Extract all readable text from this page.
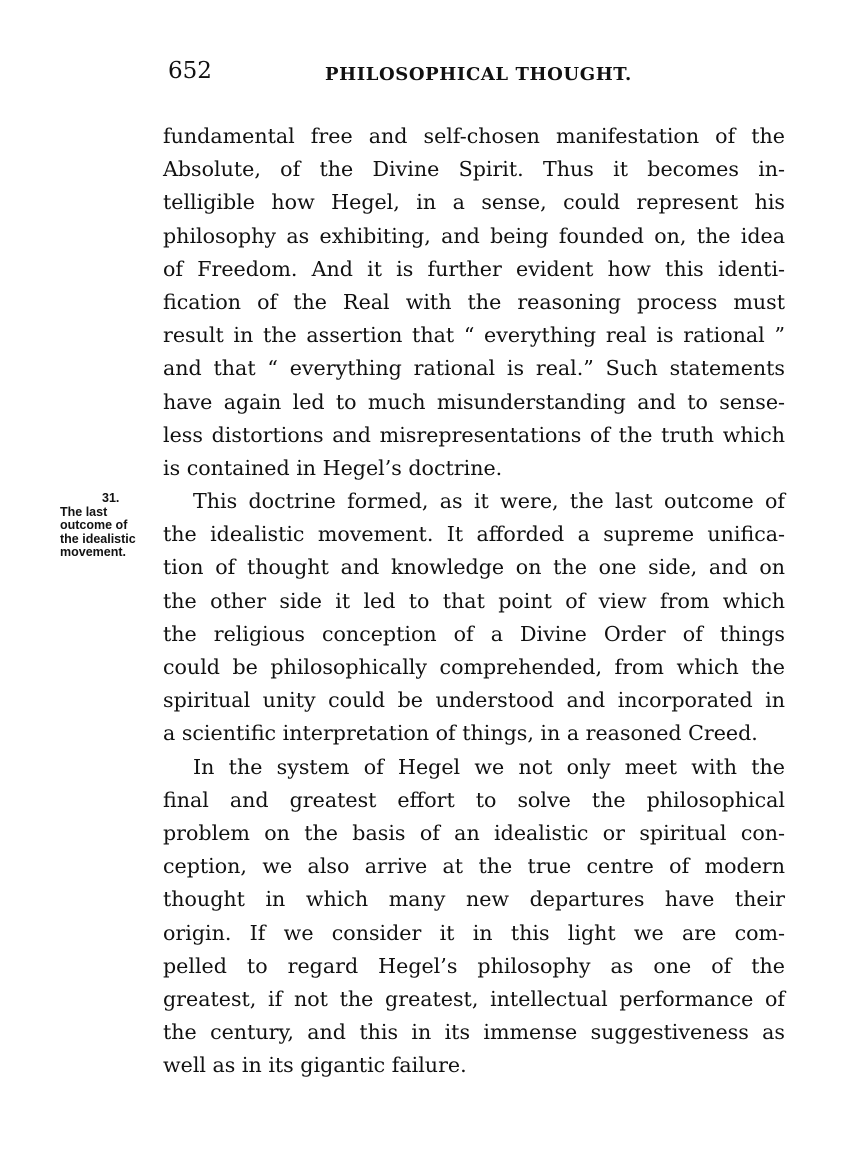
652	PHILOSOPHICAL THOUGHT.
31.
The last
outcome of
the idealistic
movement.
fundamental free and self-chosen manifestation of the
Absolute, of the Divine Spirit. Thus it becomes in-
telligible how Hegel, in a sense, could represent his
philosophy as exhibiting, and being founded on, the idea
of Freedom. And it is further evident how this identi-
fication of the Real with the reasoning process must
result in the assertion that “ everything real is rational ”
and that “ everything rational is real.” Such statements
have again led to much misunderstanding and to sense-
less distortions and misrepresentations of the truth which
is contained in Hegel’s doctrine.
This doctrine formed, as it were, the last outcome of
the idealistic movement. It afforded a supreme unifica-
tion of thought and knowledge on the one side, and on
the other side it led to that point of view from which
the religious conception of a Divine Order of things
could be philosophically comprehended, from which the
spiritual unity could be understood and incorporated in
a scientific interpretation of things, in a reasoned Creed.
In the system of Hegel we not only meet with the
final and greatest effort to solve the philosophical
problem on the basis of an idealistic or spiritual con-
ception, we also arrive at the true centre of modern
thought in which many new departures have their
origin. If we consider it in this light we are com-
pelled to regard Hegel’s philosophy as one of the
greatest, if not the greatest, intellectual performance of
the century, and this in its immense suggestiveness as
well as in its gigantic failure.
